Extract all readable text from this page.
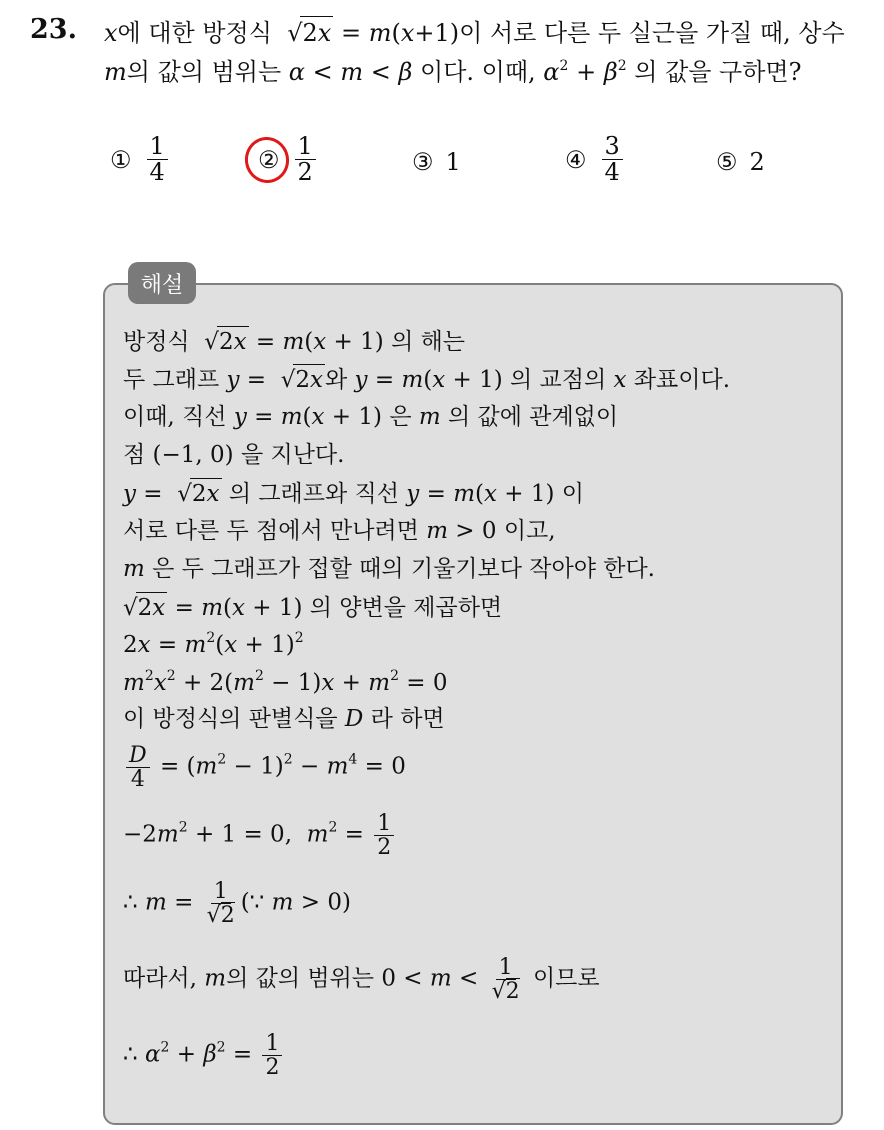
23. x에 대한 방정식 √2x = m(x+1)이 서로 다른 두 실근을 가질 때, 상수
m의 값의 범위는 α < m < β 이다. 이때, $\alpha^2 + \beta^2$ 의 값을 구하면?
① $\frac{1}{4}$	② $\frac{1}{2}$	③ 1	④ $\frac{3}{4}$	⑤ 2
해설
방정식 √2x = m(x + 1) 의 해는
두 그래프 y =  √2x와 y = m(x + 1) 의 교점의 x 좌표이다.
이때, 직선 y = m(x + 1) 은 m 의 값에 관계없이
점 (−1, 0) 을 지난다.
y =  √2x 의 그래프와 직선 y = m(x + 1) 이
서로 다른 두 점에서 만나려면 m > 0 이고,
m 은 두 그래프가 접할 때의 기울기보다 작아야 한다.
√2x = m(x + 1) 의 양변을 제곱하면
$2x = m^2(x + 1)^2$
$m^2x^2 + 2(m^2 - 1)x + m^2 = 0$
이 방정식의 판별식을 D 라 하면
$\frac{D}{4} = (m^2 - 1)^2 - m^4 = 0$
$-2m^2 + 1 = 0$,  $m^2 = \frac{1}{2}$
∴ $m = \frac{1}{√2}$ (∵ m > 0)
따라서, m의 값의 범위는 $0 < m < \frac{1}{√2}$ 이므로
∴ $\alpha^2 + \beta^2 = \frac{1}{2}$
